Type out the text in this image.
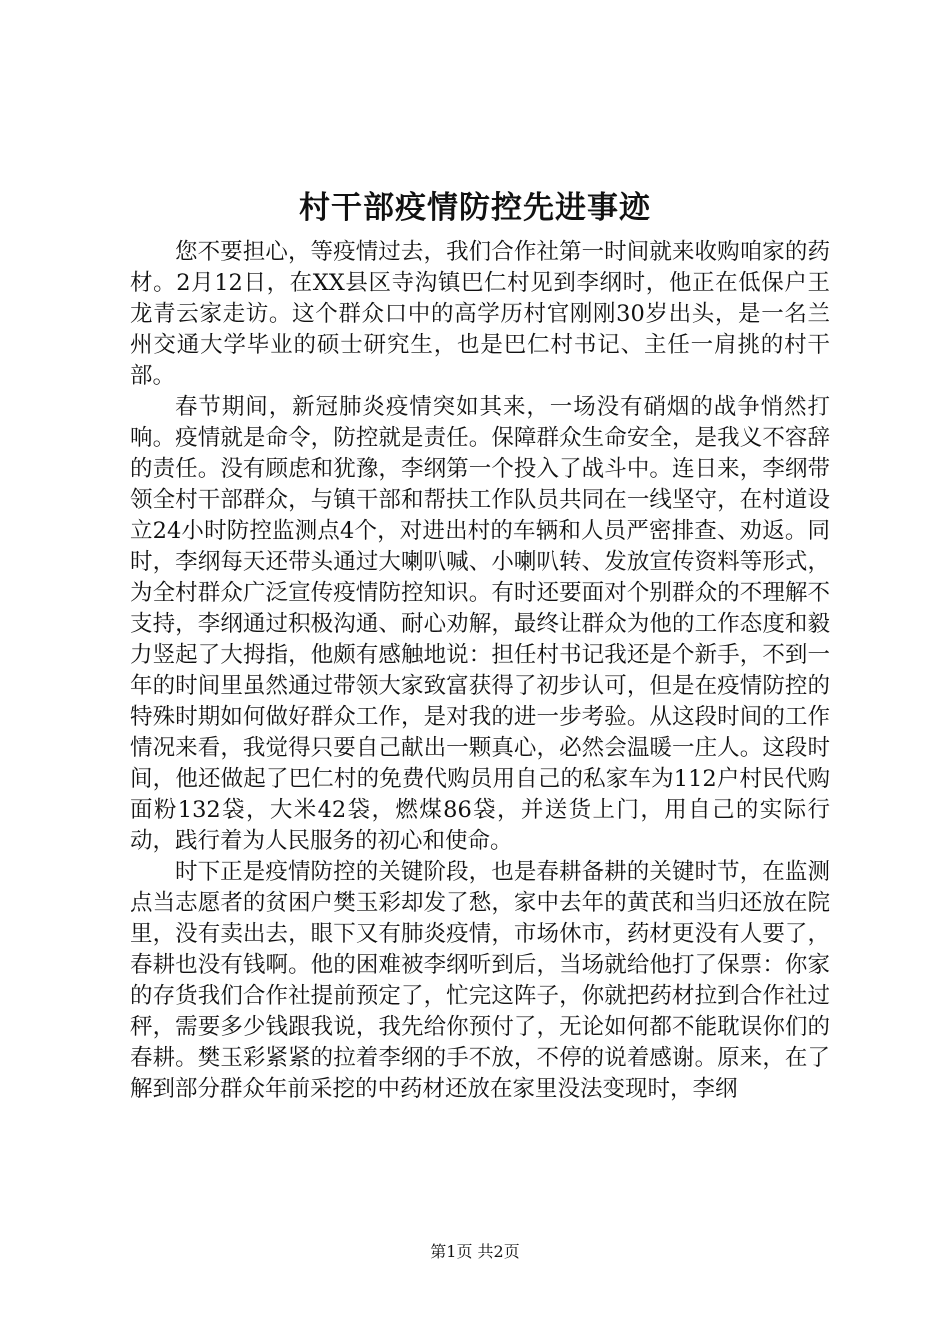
村干部疫情防控先进事迹

您不要担心，等疫情过去，我们合作社第一时间就来收购咱家的药材。2月12日，在XX县区寺沟镇巴仁村见到李纲时，他正在低保户王龙青云家走访。这个群众口中的高学历村官刚刚30岁出头，是一名兰州交通大学毕业的硕士研究生，也是巴仁村书记、主任一肩挑的村干部。

春节期间，新冠肺炎疫情突如其来，一场没有硝烟的战争悄然打响。疫情就是命令，防控就是责任。保障群众生命安全，是我义不容辞的责任。没有顾虑和犹豫，李纲第一个投入了战斗中。连日来，李纲带领全村干部群众，与镇干部和帮扶工作队员共同在一线坚守，在村道设立24小时防控监测点4个，对进出村的车辆和人员严密排查、劝返。同时，李纲每天还带头通过大喇叭喊、小喇叭转、发放宣传资料等形式，为全村群众广泛宣传疫情防控知识。有时还要面对个别群众的不理解不支持，李纲通过积极沟通、耐心劝解，最终让群众为他的工作态度和毅力竖起了大拇指，他颇有感触地说：担任村书记我还是个新手，不到一年的时间里虽然通过带领大家致富获得了初步认可，但是在疫情防控的特殊时期如何做好群众工作，是对我的进一步考验。从这段时间的工作情况来看，我觉得只要自己献出一颗真心，必然会温暖一庄人。这段时间，他还做起了巴仁村的免费代购员用自己的私家车为112户村民代购面粉132袋，大米42袋，燃煤86袋，并送货上门，用自己的实际行动，践行着为人民服务的初心和使命。

时下正是疫情防控的关键阶段，也是春耕备耕的关键时节，在监测点当志愿者的贫困户樊玉彩却发了愁，家中去年的黄芪和当归还放在院里，没有卖出去，眼下又有肺炎疫情，市场休市，药材更没有人要了，春耕也没有钱啊。他的困难被李纲听到后，当场就给他打了保票：你家的存货我们合作社提前预定了，忙完这阵子，你就把药材拉到合作社过秤，需要多少钱跟我说，我先给你预付了，无论如何都不能耽误你们的春耕。樊玉彩紧紧的拉着李纲的手不放，不停的说着感谢。原来，在了解到部分群众年前采挖的中药材还放在家里没法变现时，李纲

第1页 共2页
